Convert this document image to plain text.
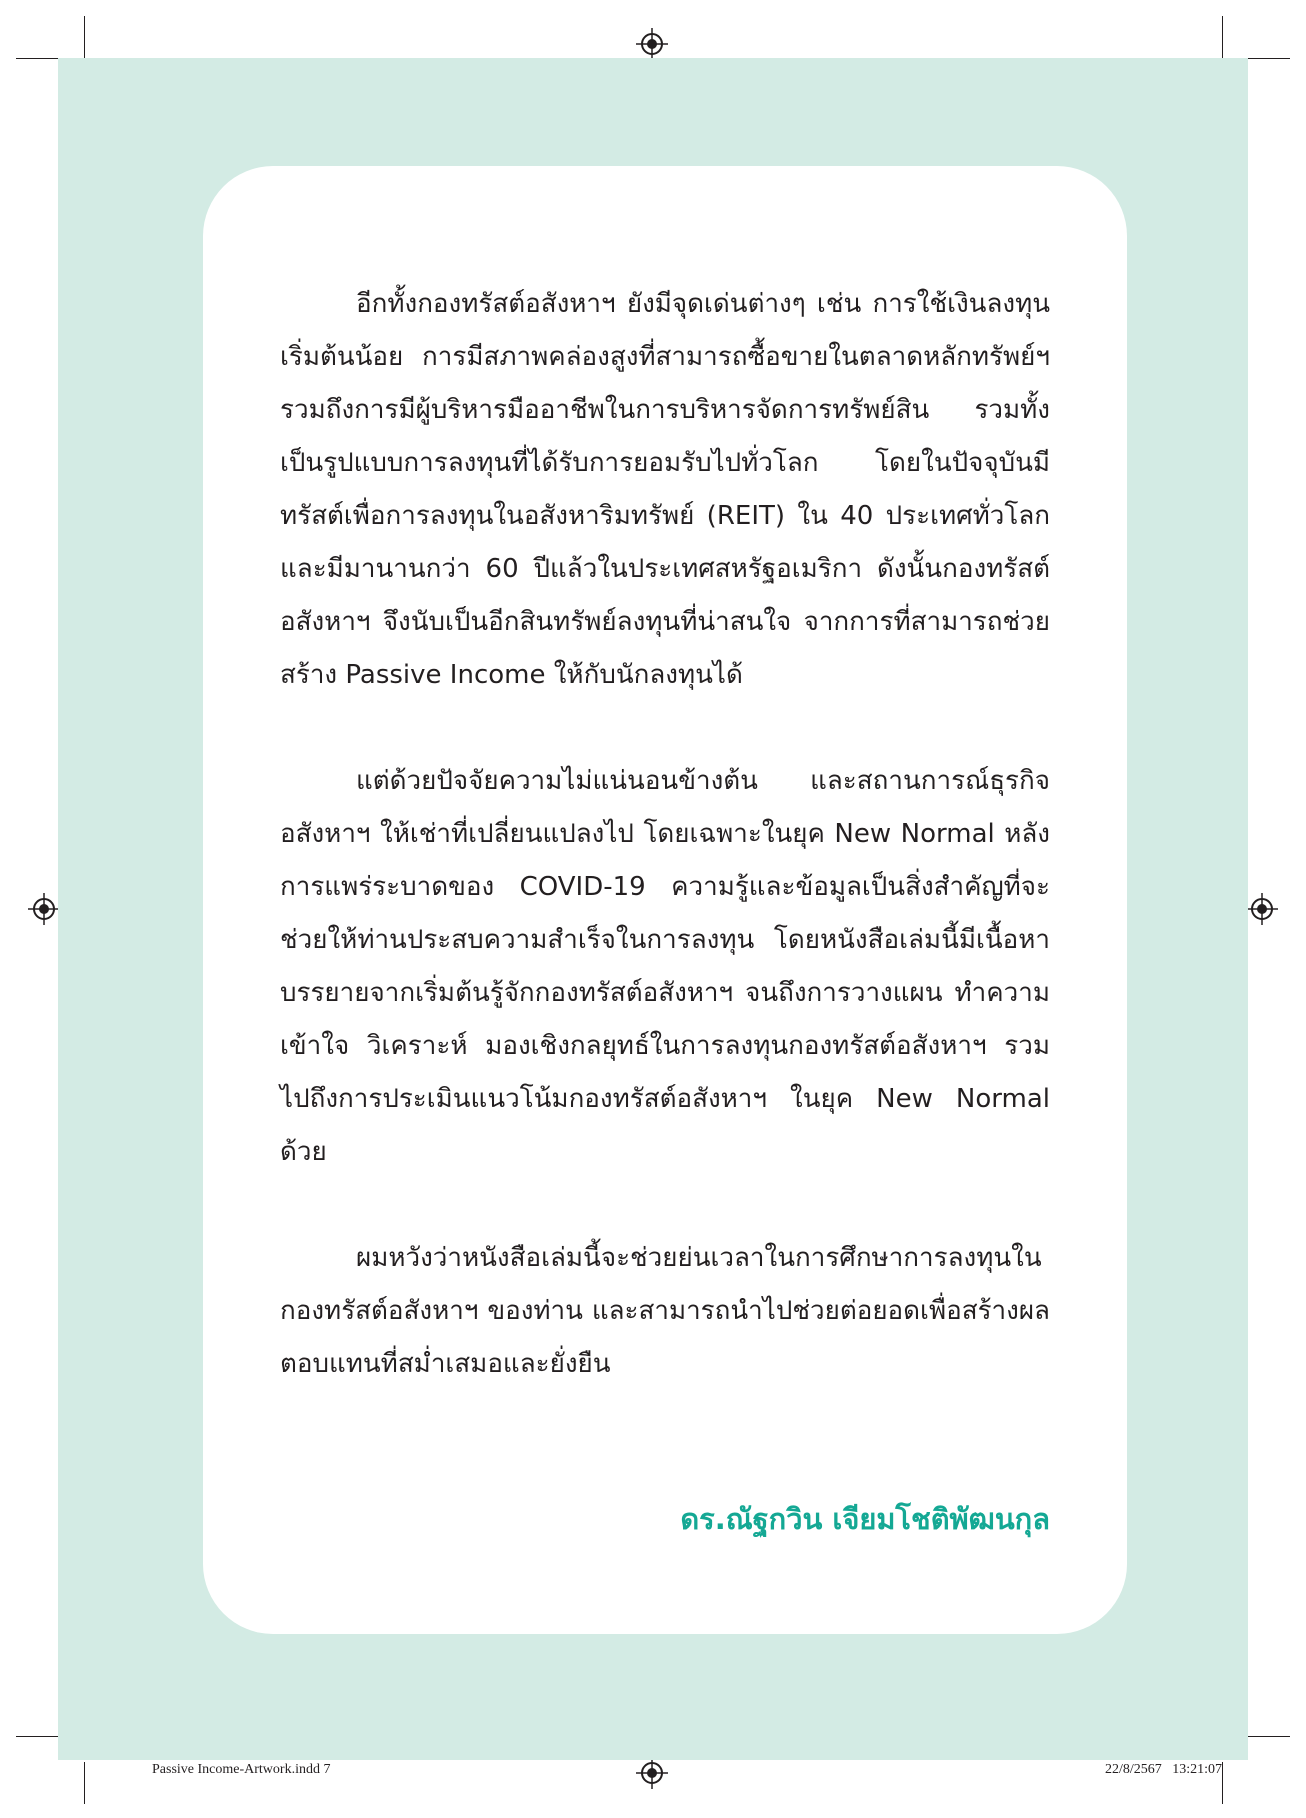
อีกทั้งกองทรัสต์อสังหาฯ ยังมีจุดเด่นต่างๆ เช่น การใช้เงินลงทุนเริ่มต้นน้อย การมีสภาพคล่องสูงที่สามารถซื้อขายในตลาดหลักทรัพย์ฯ รวมถึงการมีผู้บริหารมืออาชีพในการบริหารจัดการทรัพย์สิน รวมทั้งเป็นรูปแบบการลงทุนที่ได้รับการยอมรับไปทั่วโลก โดยในปัจจุบันมีทรัสต์เพื่อการลงทุนในอสังหาริมทรัพย์ (REIT) ใน 40 ประเทศทั่วโลก และมีมานานกว่า 60 ปีแล้วในประเทศสหรัฐอเมริกา ดังนั้นกองทรัสต์อสังหาฯ จึงนับเป็นอีกสินทรัพย์ลงทุนที่น่าสนใจ จากการที่สามารถช่วยสร้าง Passive Income ให้กับนักลงทุนได้

แต่ด้วยปัจจัยความไม่แน่นอนข้างต้น และสถานการณ์ธุรกิจอสังหาฯ ให้เช่าที่เปลี่ยนแปลงไป โดยเฉพาะในยุค New Normal หลังการแพร่ระบาดของ COVID-19 ความรู้และข้อมูลเป็นสิ่งสำคัญที่จะช่วยให้ท่านประสบความสำเร็จในการลงทุน โดยหนังสือเล่มนี้มีเนื้อหาบรรยายจากเริ่มต้นรู้จักกองทรัสต์อสังหาฯ จนถึงการวางแผน ทำความเข้าใจ วิเคราะห์ มองเชิงกลยุทธ์ในการลงทุนกองทรัสต์อสังหาฯ รวมไปถึงการประเมินแนวโน้มกองทรัสต์อสังหาฯ ในยุค New Normal ด้วย

ผมหวังว่าหนังสือเล่มนี้จะช่วยย่นเวลาในการศึกษาการลงทุนในกองทรัสต์อสังหาฯ ของท่าน และสามารถนำไปช่วยต่อยอดเพื่อสร้างผลตอบแทนที่สม่ำเสมอและยั่งยืน

ดร.ณัฐกวิน เจียมโชติพัฒนกุล
Passive Income-Artwork.indd 7	22/8/2567   13:21:07
